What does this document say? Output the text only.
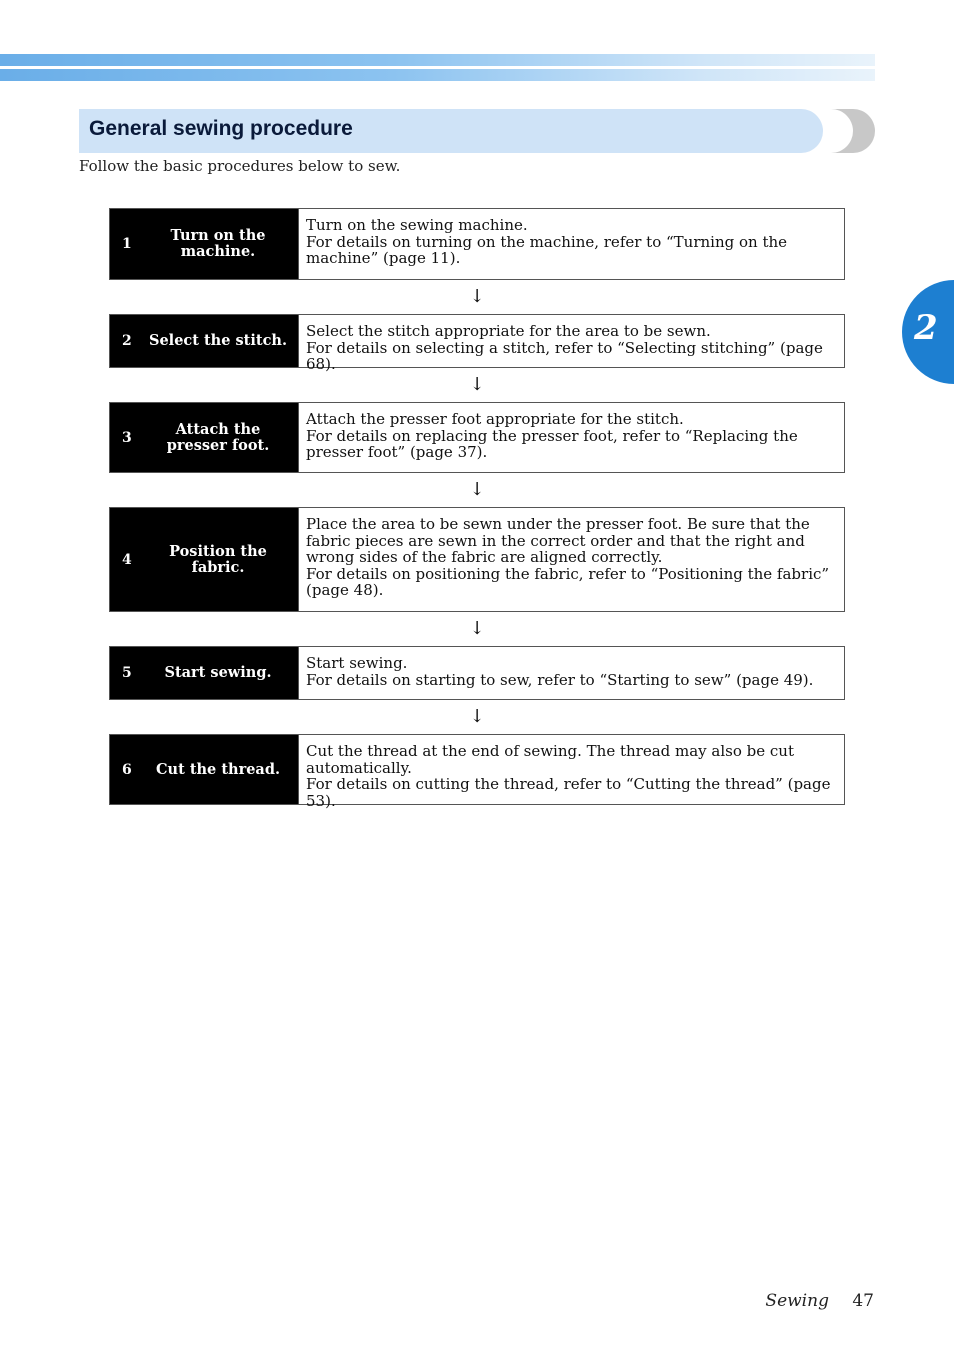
General sewing procedure
Follow the basic procedures below to sew.
2
1	Turn on the machine.

Turn on the sewing machine.

For details on turning on the machine, refer to “Turning on the machine” (page 11).

↓
2	Select the stitch.

Select the stitch appropriate for the area to be sewn.

For details on selecting a stitch, refer to “Selecting stitching” (page 68).

↓
3	Attach the presser foot.

Attach the presser foot appropriate for the stitch.

For details on replacing the presser foot, refer to “Replacing the presser foot” (page 37).

↓
4	Position the fabric.

Place the area to be sewn under the presser foot. Be sure that the fabric pieces are sewn in the correct order and that the right and wrong sides of the fabric are aligned correctly.

For details on positioning the fabric, refer to “Positioning the fabric” (page 48).

↓
5	Start sewing.

Start sewing.

For details on starting to sew, refer to “Starting to sew” (page 49).

↓
6	Cut the thread.

Cut the thread at the end of sewing. The thread may also be cut automatically.

For details on cutting the thread, refer to “Cutting the thread” (page 53).

Sewing 47
